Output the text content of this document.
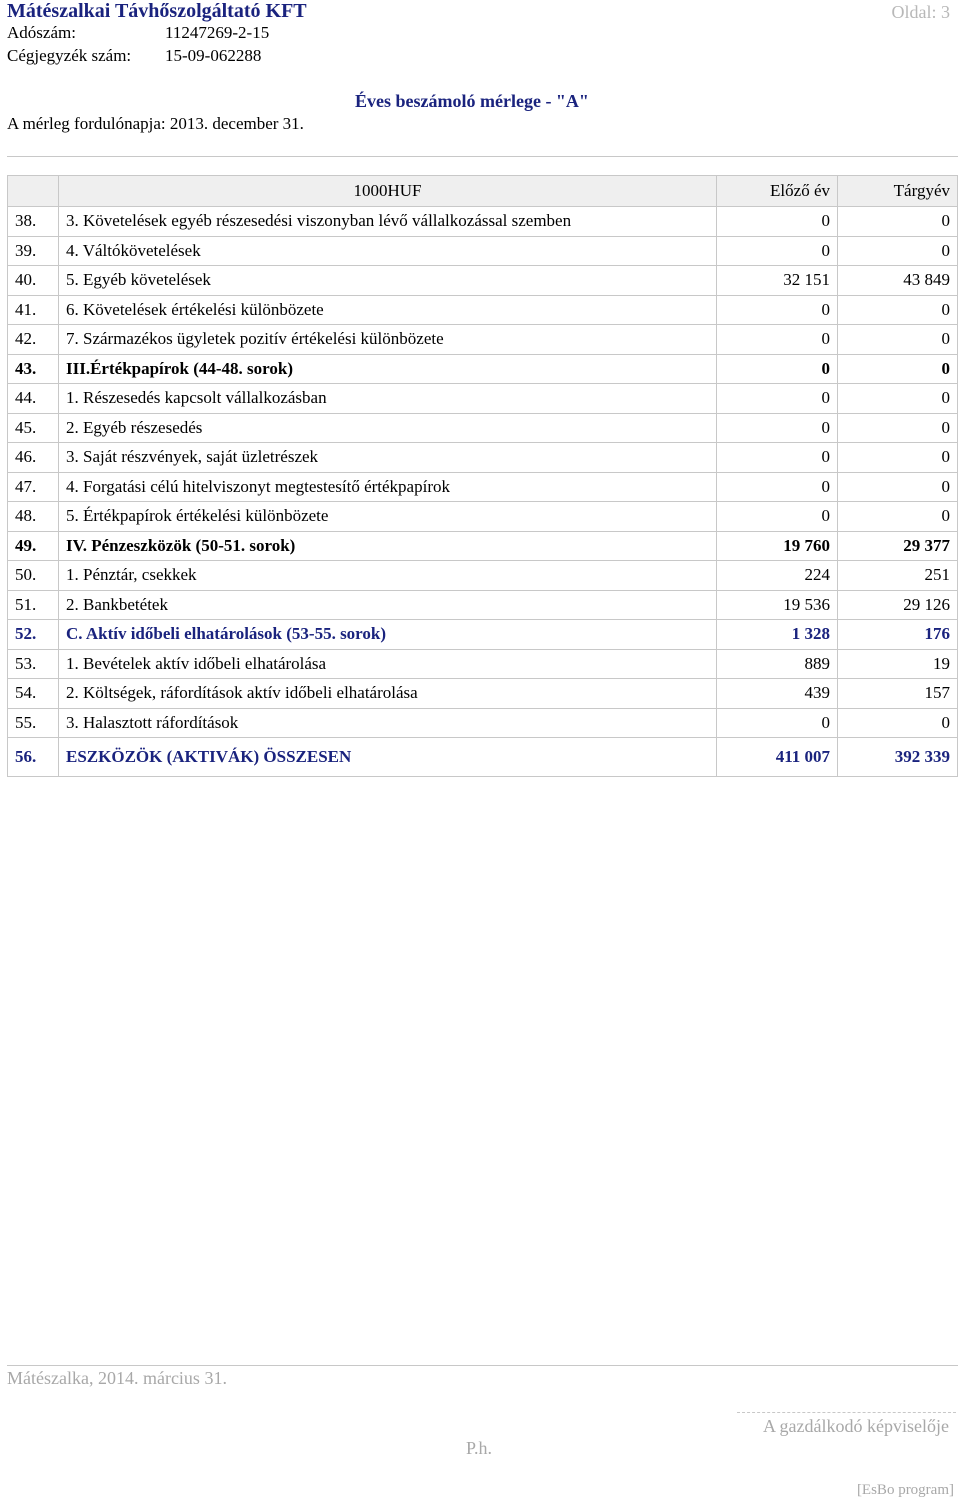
Mátészalkai Távhőszolgáltató KFT	Oldal: 3
Adószám:	11247269-2-15
Cégjegyzék szám: 15-09-062288
Éves beszámoló mérlege - "A"
A mérleg fordulónapja: 2013. december 31.
	1000HUF	Előző év	Tárgyév
38.	3. Követelések egyéb részesedési viszonyban lévő vállalkozással szemben	0	0
39.	4. Váltókövetelések	0	0
40.	5. Egyéb követelések	32 151	43 849
41.	6. Követelések értékelési különbözete	0	0
42.	7. Származékos ügyletek pozitív értékelési különbözete	0	0
43.	III.Értékpapírok (44-48. sorok)	0	0
44.	1. Részesedés kapcsolt vállalkozásban	0	0
45.	2. Egyéb részesedés	0	0
46.	3. Saját részvények, saját üzletrészek	0	0
47.	4. Forgatási célú hitelviszonyt megtestesítő értékpapírok	0	0
48.	5. Értékpapírok értékelési különbözete	0	0
49.	IV. Pénzeszközök (50-51. sorok)	19 760	29 377
50.	1. Pénztár, csekkek	224	251
51.	2. Bankbetétek	19 536	29 126
52.	C. Aktív időbeli elhatárolások (53-55. sorok)	1 328	176
53.	1. Bevételek aktív időbeli elhatárolása	889	19
54.	2. Költségek, ráfordítások aktív időbeli elhatárolása	439	157
55.	3. Halasztott ráfordítások	0	0
56.	ESZKÖZÖK (AKTIVÁK) ÖSSZESEN	411 007	392 339
Mátészalka, 2014. március 31.
P.h.
A gazdálkodó képviselője
[EsBo program]
